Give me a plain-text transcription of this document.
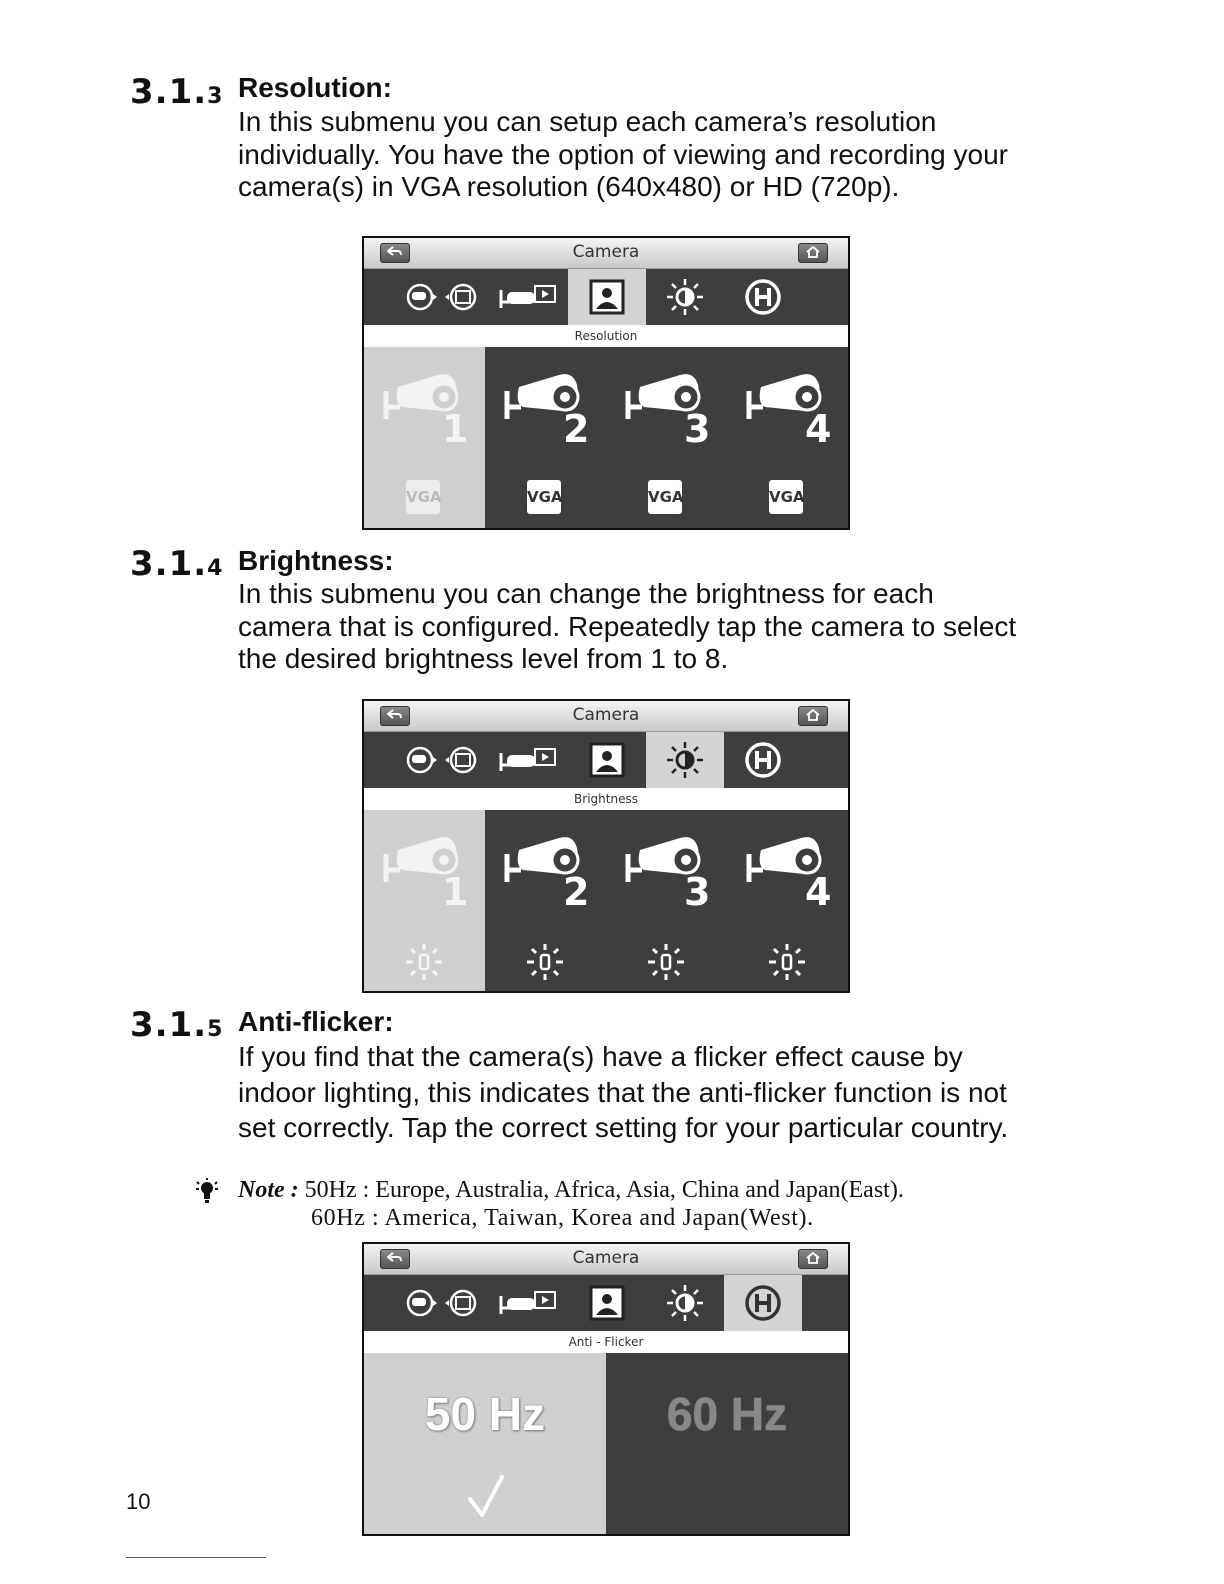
3.1.3 Resolution:
In this submenu you can setup each camera’s resolution
individually. You have the option of viewing and recording your
camera(s) in VGA resolution (640x480) or HD (720p).
Camera
Resolution
1
VGA
2
VGA
3
VGA
4
VGA
3.1.4 Brightness:
In this submenu you can change the brightness for each
camera that is configured. Repeatedly tap the camera to select
the desired brightness level from 1 to 8.
Camera
Brightness
1 2 3 4
3.1.5 Anti-flicker:
If you find that the camera(s) have a flicker effect cause by
indoor lighting, this indicates that the anti-flicker function is not
set correctly. Tap the correct setting for your particular country.
Note : 50Hz : Europe, Australia, Africa, Asia, China and Japan(East).
60Hz : America, Taiwan, Korea and Japan(West).
Camera
Anti - Flicker
50 Hz	60 Hz
10
